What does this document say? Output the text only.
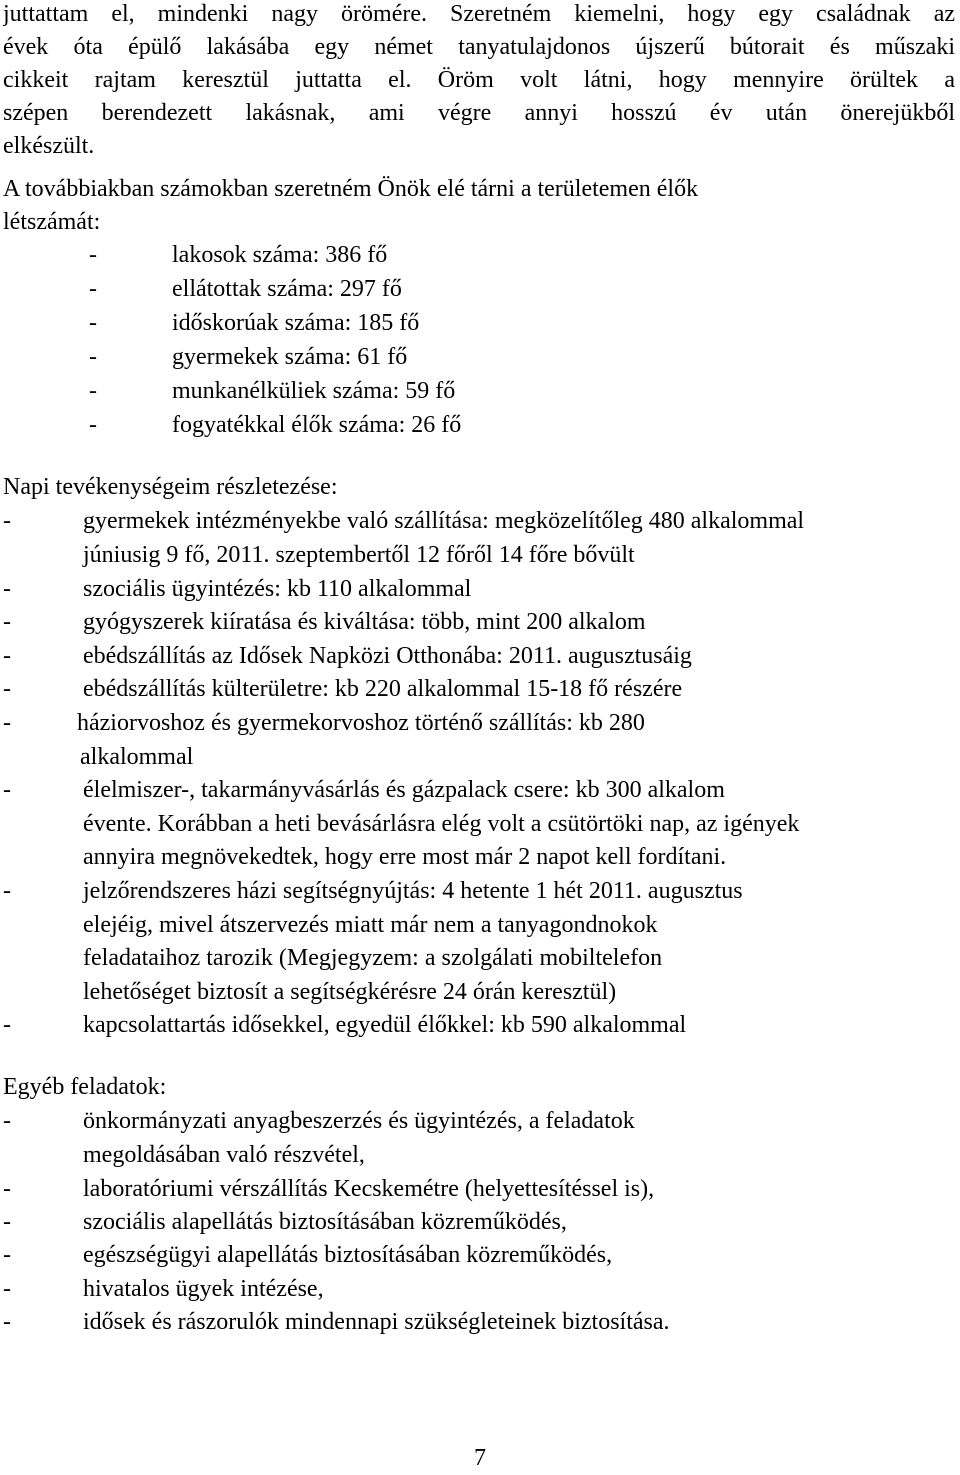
juttattam el, mindenki nagy örömére. Szeretném kiemelni, hogy egy családnak az
évek óta épülő lakásába egy német tanyatulajdonos újszerű bútorait és műszaki
cikkeit rajtam keresztül juttatta el. Öröm volt látni, hogy mennyire örültek a
szépen berendezett lakásnak, ami végre annyi hosszú év után önerejükből
elkészült.
A továbbiakban számokban szeretném Önök elé tárni a területemen élők
létszámát:
-	lakosok száma: 386 fő
-	ellátottak száma: 297 fő
-	időskorúak száma: 185 fő
-	gyermekek száma: 61 fő
-	munkanélküliek száma: 59 fő
-	fogyatékkal élők száma: 26 fő
Napi tevékenységeim részletezése:
-	gyermekek intézményekbe való szállítása: megközelítőleg 480 alkalommal
júniusig 9 fő, 2011. szeptembertől 12 főről 14 főre bővült
-	szociális ügyintézés: kb 110 alkalommal
-	gyógyszerek kiíratása és kiváltása: több, mint 200 alkalom
-	ebédszállítás az Idősek Napközi Otthonába: 2011. augusztusáig
-	ebédszállítás külterületre: kb 220 alkalommal 15-18 fő részére
-	háziorvoshoz és gyermekorvoshoz történő szállítás: kb 280
alkalommal
-	élelmiszer-, takarmányvásárlás és gázpalack csere: kb 300 alkalom
évente. Korábban a heti bevásárlásra elég volt a csütörtöki nap, az igények
annyira megnövekedtek, hogy erre most már 2 napot kell fordítani.
-	jelzőrendszeres házi segítségnyújtás: 4 hetente 1 hét 2011. augusztus
elejéig, mivel átszervezés miatt már nem a tanyagondnokok
feladataihoz tarozik (Megjegyzem: a szolgálati mobiltelefon
lehetőséget biztosít a segítségkérésre 24 órán keresztül)
-	kapcsolattartás idősekkel, egyedül élőkkel: kb 590 alkalommal
Egyéb feladatok:
-	önkormányzati anyagbeszerzés és ügyintézés, a feladatok
megoldásában való részvétel,
-	laboratóriumi vérszállítás Kecskemétre (helyettesítéssel is),
-	szociális alapellátás biztosításában közreműködés,
-	egészségügyi alapellátás biztosításában közreműködés,
-	hivatalos ügyek intézése,
-	idősek és rászorulók mindennapi szükségleteinek biztosítása.
7
